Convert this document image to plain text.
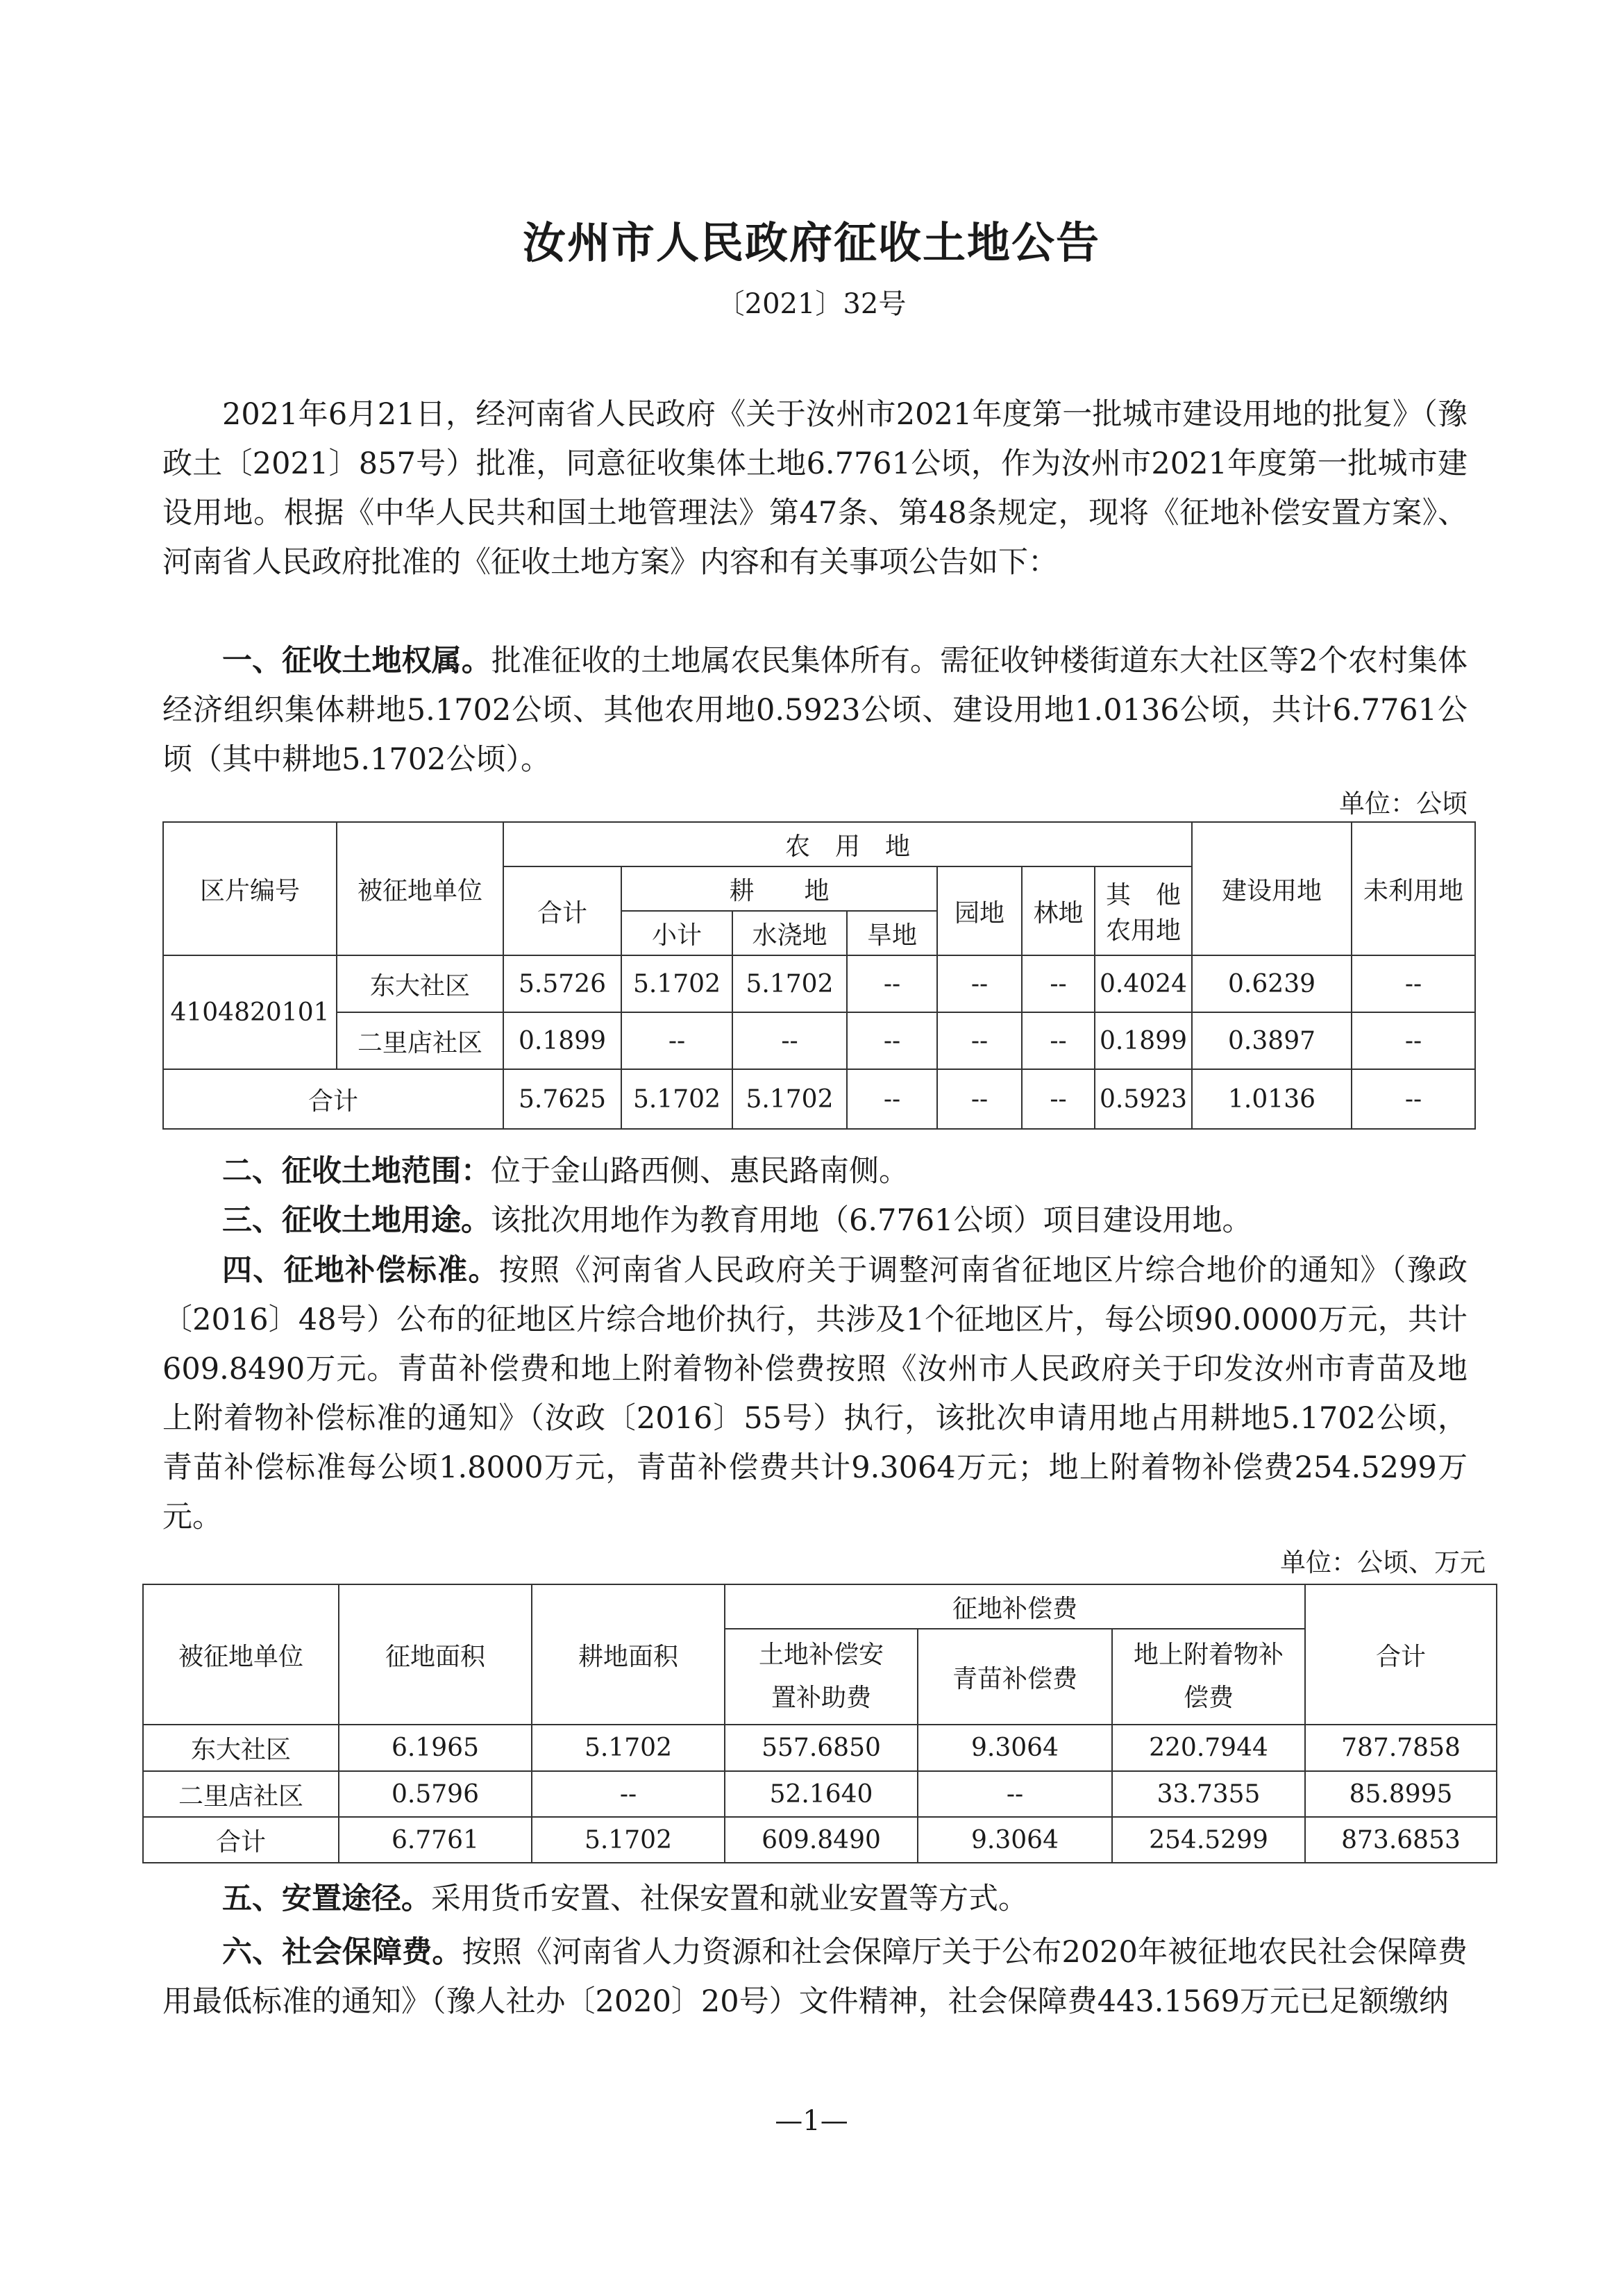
汝州市人民政府征收土地公告
〔2021〕32号

2021年6月21日，经河南省人民政府《关于汝州市2021年度第一批城市建设用地的批复》（豫政土〔2021〕857号）批准，同意征收集体土地6.7761公顷，作为汝州市2021年度第一批城市建设用地。根据《中华人民共和国土地管理法》第47条、第48条规定，现将《征地补偿安置方案》、河南省人民政府批准的《征收土地方案》内容和有关事项公告如下：

一、征收土地权属。批准征收的土地属农民集体所有。需征收钟楼街道东大社区等2个农村集体经济组织集体耕地5.1702公顷、其他农用地0.5923公顷、建设用地1.0136公顷，共计6.7761公顷（其中耕地5.1702公顷）。

单位：公顷
区片编号	被征地单位	农　用　地							建设用地	未利用地
		合计	耕　　地			园地	林地	其　他农用地		
			小计	水浇地	旱地					
4104820101	东大社区	5.5726	5.1702	5.1702	--	--	--	0.4024	0.6239	--
	二里店社区	0.1899	--	--	--	--	--	0.1899	0.3897	--
合计		5.7625	5.1702	5.1702	--	--	--	0.5923	1.0136	--

二、征收土地范围：位于金山路西侧、惠民路南侧。

三、征收土地用途。该批次用地作为教育用地（6.7761公顷）项目建设用地。

四、征地补偿标准。按照《河南省人民政府关于调整河南省征地区片综合地价的通知》（豫政〔2016〕48号）公布的征地区片综合地价执行，共涉及1个征地区片，每公顷90.0000万元，共计609.8490万元。青苗补偿费和地上附着物补偿费按照《汝州市人民政府关于印发汝州市青苗及地上附着物补偿标准的通知》（汝政〔2016〕55号）执行，该批次申请用地占用耕地5.1702公顷，青苗补偿标准每公顷1.8000万元，青苗补偿费共计9.3064万元；地上附着物补偿费254.5299万元。

单位：公顷、万元
被征地单位	征地面积	耕地面积	征地补偿费			合计
			土地补偿安置补助费	青苗补偿费	地上附着物补偿费	
东大社区	6.1965	5.1702	557.6850	9.3064	220.7944	787.7858
二里店社区	0.5796	--	52.1640	--	33.7355	85.8995
合计	6.7761	5.1702	609.8490	9.3064	254.5299	873.6853

五、安置途径。采用货币安置、社保安置和就业安置等方式。

六、社会保障费。按照《河南省人力资源和社会保障厅关于公布2020年被征地农民社会保障费用最低标准的通知》（豫人社办〔2020〕20号）文件精神，社会保障费443.1569万元已足额缴纳

—1—
